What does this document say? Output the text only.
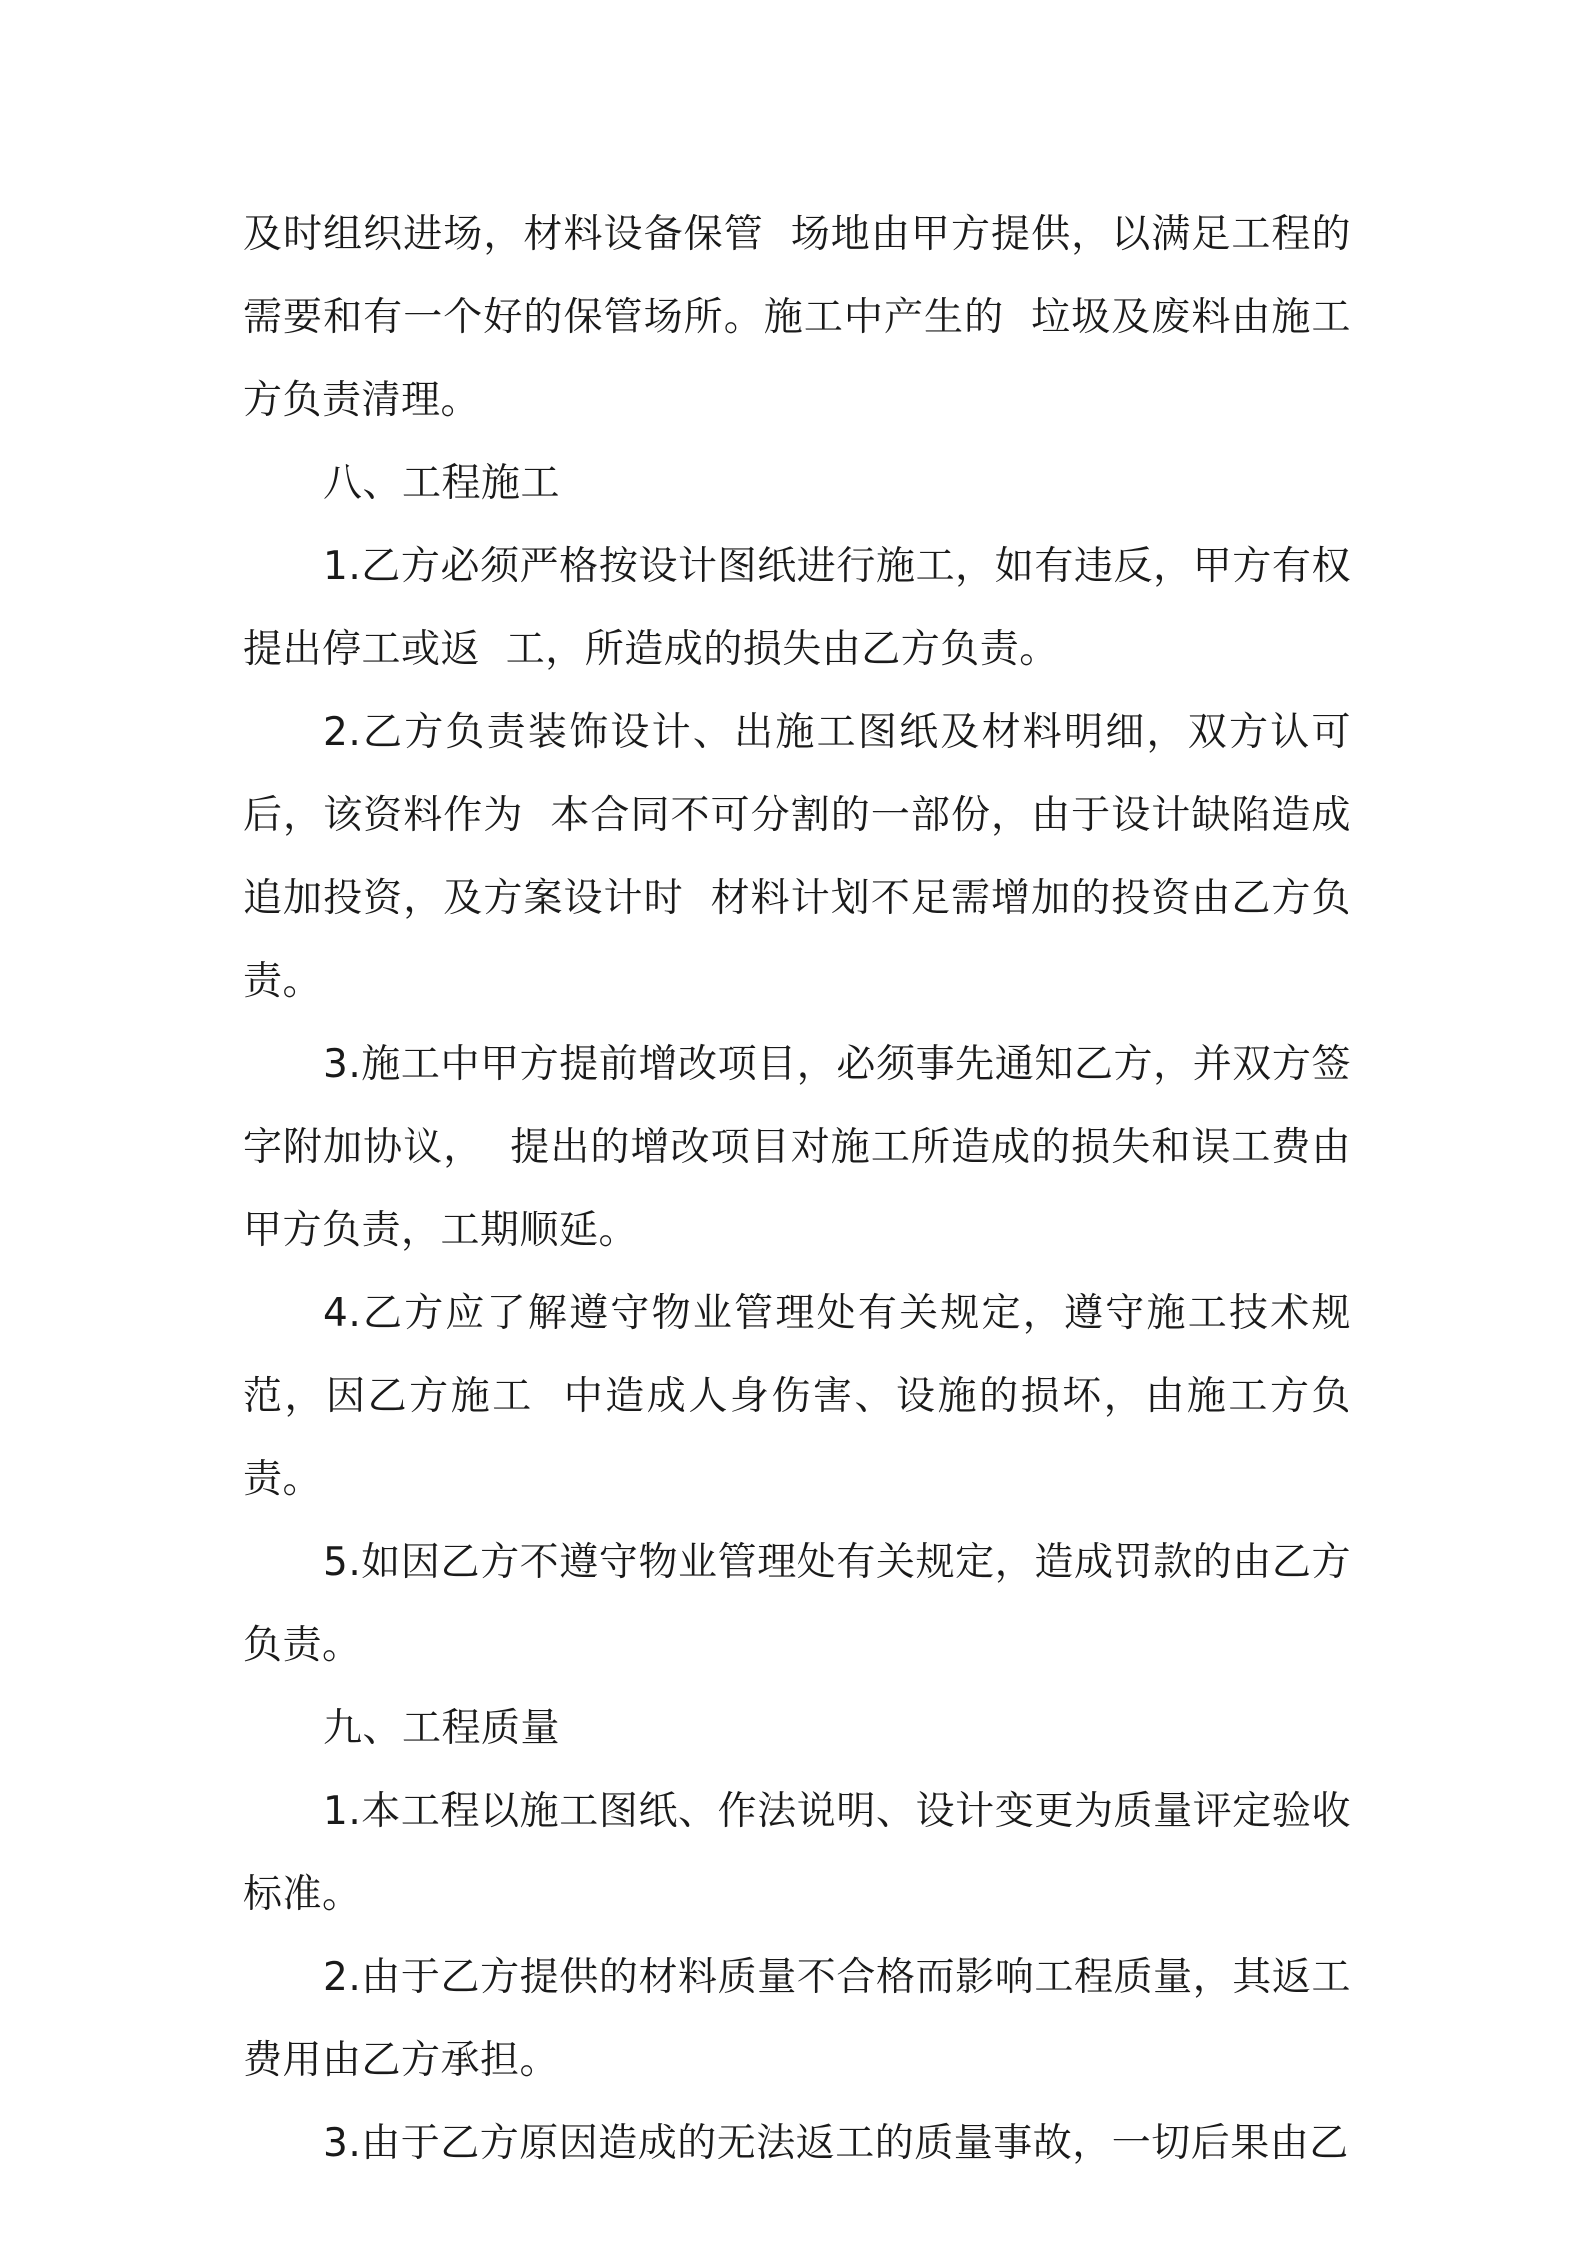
及时组织进场，材料设备保管  场地由甲方提供，以满足工程的需要和有一个好的保管场所。施工中产生的  垃圾及废料由施工方负责清理。

八、工程施工

1.乙方必须严格按设计图纸进行施工，如有违反，甲方有权提出停工或返  工，所造成的损失由乙方负责。

2.乙方负责装饰设计、出施工图纸及材料明细，双方认可后，该资料作为  本合同不可分割的一部份，由于设计缺陷造成追加投资，及方案设计时  材料计划不足需增加的投资由乙方负责。

3.施工中甲方提前增改项目，必须事先通知乙方，并双方签字附加协议，  提出的增改项目对施工所造成的损失和误工费由甲方负责，工期顺延。

4.乙方应了解遵守物业管理处有关规定，遵守施工技术规范，因乙方施工  中造成人身伤害、设施的损坏，由施工方负责。

5.如因乙方不遵守物业管理处有关规定，造成罚款的由乙方负责。

九、工程质量

1.本工程以施工图纸、作法说明、设计变更为质量评定验收标准。

2.由于乙方提供的材料质量不合格而影响工程质量，其返工费用由乙方承担。

3.由于乙方原因造成的无法返工的质量事故，一切后果由乙
